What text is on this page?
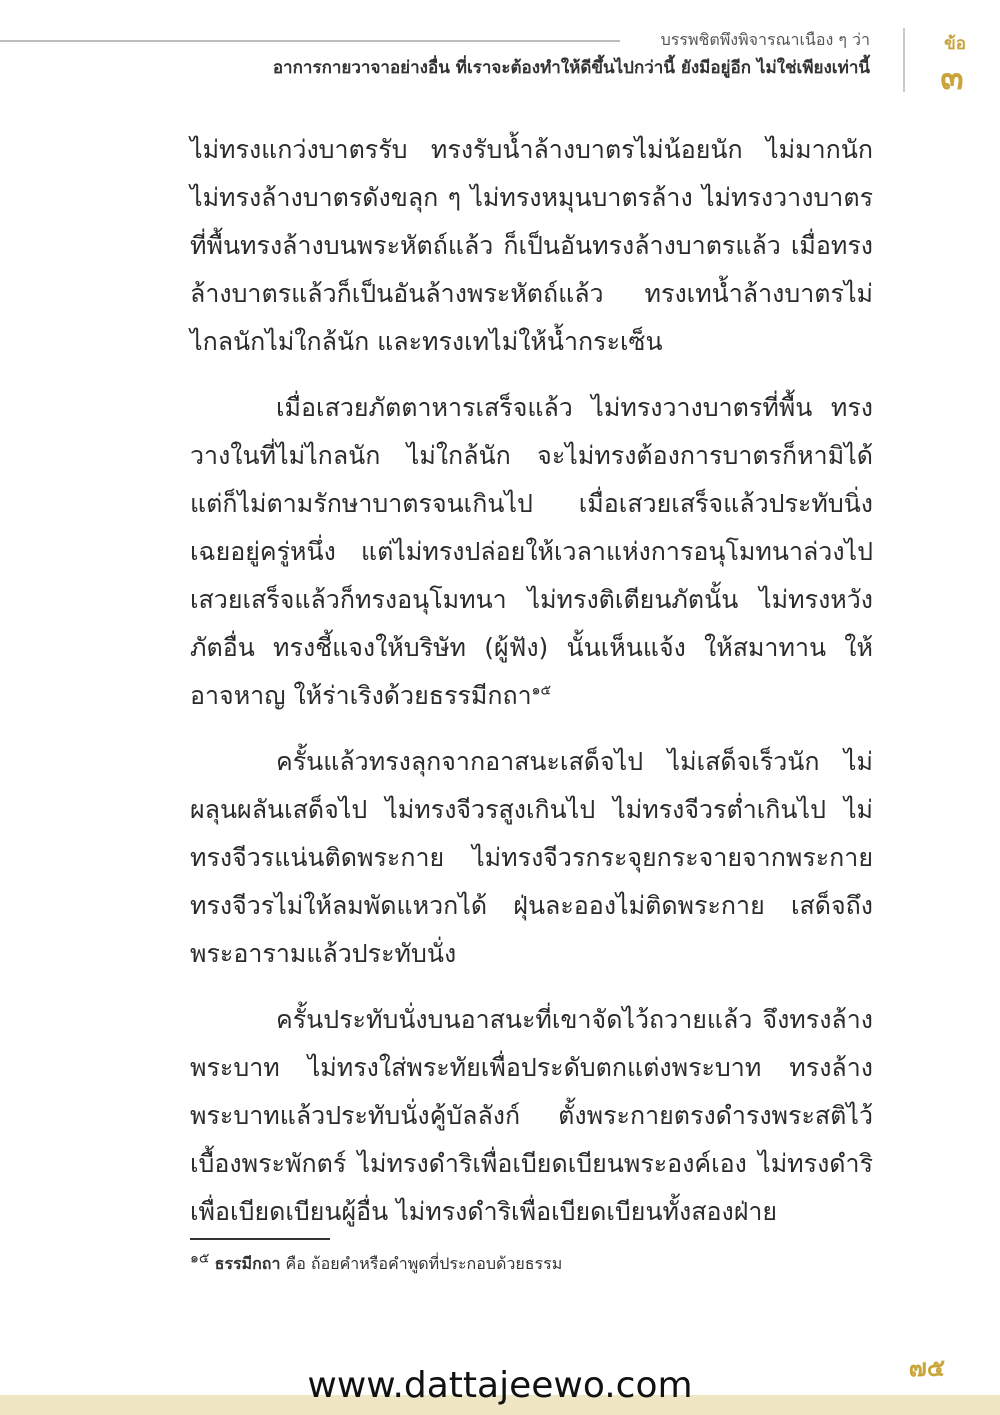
บรรพชิตพึงพิจารณาเนือง ๆ ว่า
อาการกายวาจาอย่างอื่น ที่เราจะต้องทำให้ดีขึ้นไปกว่านี้ ยังมีอยู่อีก ไม่ใช่เพียงเท่านี้
ข้อ
๓

ไม่ทรงแกว่งบาตรรับ ทรงรับน้ำล้างบาตรไม่น้อยนัก ไม่มากนัก ไม่ทรงล้างบาตรดังขลุก ๆ ไม่ทรงหมุนบาตรล้าง ไม่ทรงวางบาตรที่พื้นทรงล้างบนพระหัตถ์แล้ว ก็เป็นอันทรงล้างบาตรแล้ว เมื่อทรงล้างบาตรแล้วก็เป็นอันล้างพระหัตถ์แล้ว ทรงเทน้ำล้างบาตรไม่ไกลนักไม่ใกล้นัก และทรงเทไม่ให้น้ำกระเซ็น

เมื่อเสวยภัตตาหารเสร็จแล้ว ไม่ทรงวางบาตรที่พื้น ทรงวางในที่ไม่ไกลนัก ไม่ใกล้นัก จะไม่ทรงต้องการบาตรก็หามิได้ แต่ก็ไม่ตามรักษาบาตรจนเกินไป เมื่อเสวยเสร็จแล้วประทับนิ่งเฉยอยู่ครู่หนึ่ง แต่ไม่ทรงปล่อยให้เวลาแห่งการอนุโมทนาล่วงไป เสวยเสร็จแล้วก็ทรงอนุโมทนา ไม่ทรงติเตียนภัตนั้น ไม่ทรงหวังภัตอื่น ทรงชี้แจงให้บริษัท (ผู้ฟัง) นั้นเห็นแจ้ง ให้สมาทาน ให้อาจหาญ ให้ร่าเริงด้วยธรรมีกถา$^{๑๕}$

ครั้นแล้วทรงลุกจากอาสนะเสด็จไป ไม่เสด็จเร็วนัก ไม่ผลุนผลันเสด็จไป ไม่ทรงจีวรสูงเกินไป ไม่ทรงจีวรต่ำเกินไป ไม่ทรงจีวรแน่นติดพระกาย ไม่ทรงจีวรกระจุยกระจายจากพระกาย ทรงจีวรไม่ให้ลมพัดแหวกได้ ฝุ่นละอองไม่ติดพระกาย เสด็จถึงพระอารามแล้วประทับนั่ง

ครั้นประทับนั่งบนอาสนะที่เขาจัดไว้ถวายแล้ว จึงทรงล้างพระบาท ไม่ทรงใส่พระทัยเพื่อประดับตกแต่งพระบาท ทรงล้างพระบาทแล้วประทับนั่งคู้บัลลังก์ ตั้งพระกายตรงดำรงพระสติไว้เบื้องพระพักตร์ ไม่ทรงดำริเพื่อเบียดเบียนพระองค์เอง ไม่ทรงดำริเพื่อเบียดเบียนผู้อื่น ไม่ทรงดำริเพื่อเบียดเบียนทั้งสองฝ่าย

๑๕ ธรรมีกถา คือ ถ้อยคำหรือคำพูดที่ประกอบด้วยธรรม
๗๕
www.dattajeewo.com
